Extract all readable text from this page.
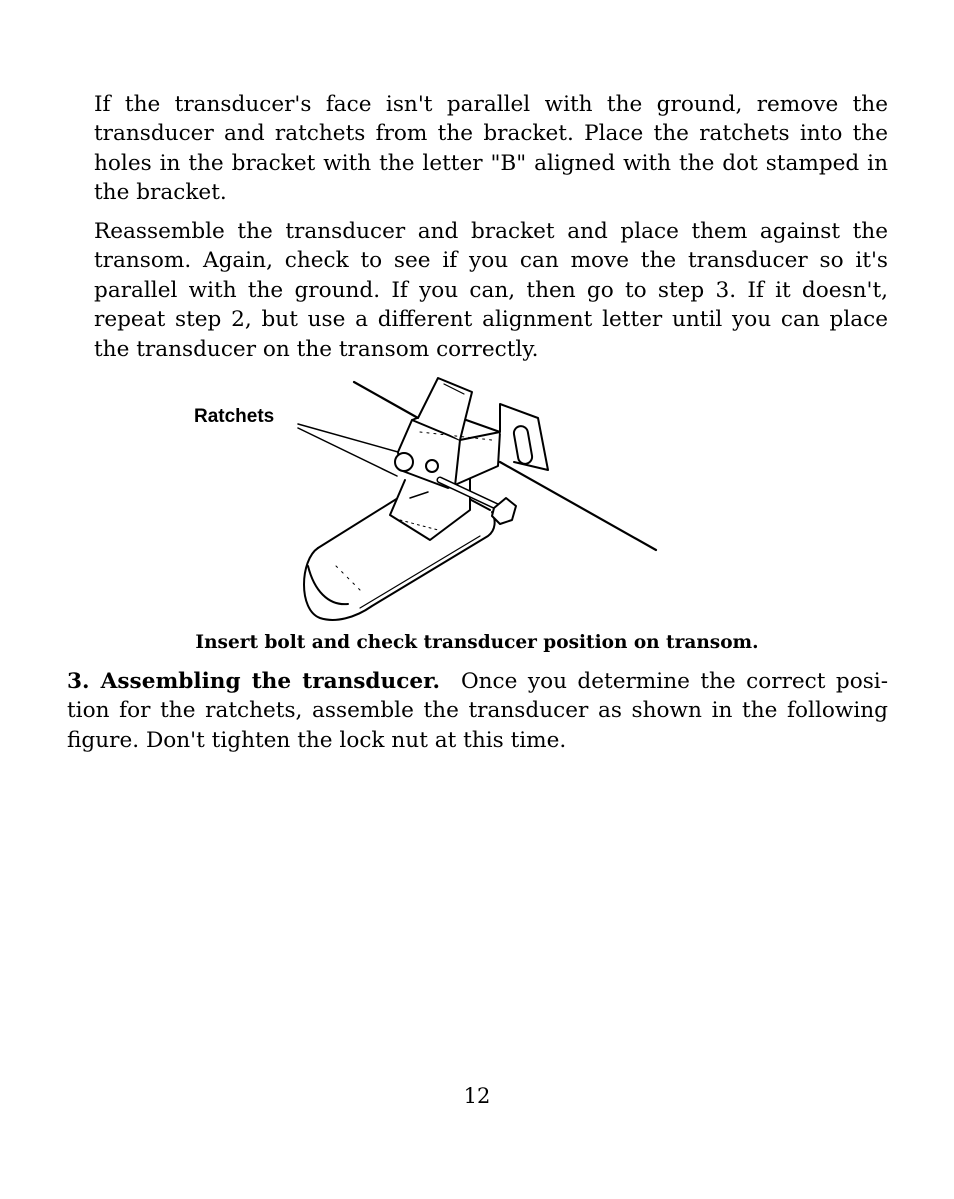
If the transducer's face isn't parallel with the ground, remove the transducer and ratchets from the bracket. Place the ratchets into the holes in the bracket with the letter "B" aligned with the dot stamped in the bracket.

Reassemble the transducer and bracket and place them against the transom. Again, check to see if you can move the transducer so it's parallel with the ground. If you can, then go to step 3. If it doesn't, repeat step 2, but use a different alignment letter until you can place the transducer on the transom correctly.

Ratchets
Insert bolt and check transducer position on transom.

3. Assembling the transducer. Once you determine the correct posi-tion for the ratchets, assemble the transducer as shown in the following figure. Don't tighten the lock nut at this time.

12
